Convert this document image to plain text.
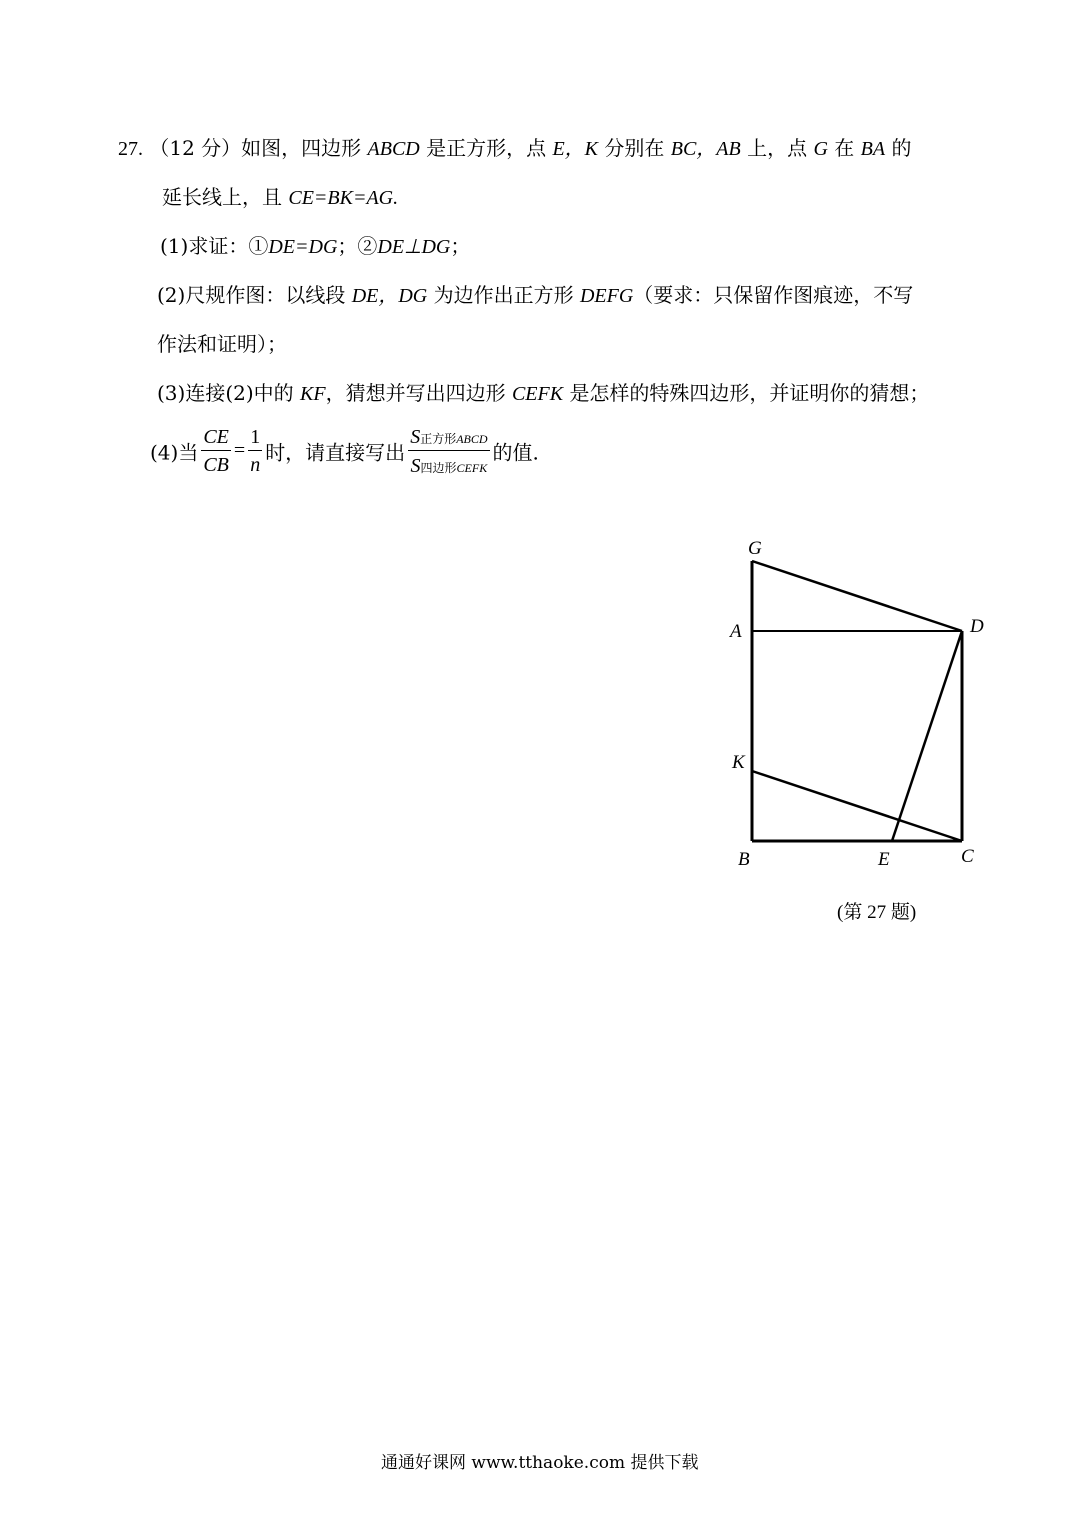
27. （12 分）如图，四边形 ABCD 是正方形，点 E，K 分别在 BC，AB 上，点 G 在 BA 的
延长线上，且 CE=BK=AG.
(1)求证：①DE=DG；②DE⊥DG；
(2)尺规作图：以线段 DE，DG 为边作出正方形 DEFG（要求：只保留作图痕迹，不写
作法和证明）；
(3)连接(2)中的 KF，猜想并写出四边形 CEFK 是怎样的特殊四边形，并证明你的猜想；
(4)当 $\frac{CE}{CB} = \frac{1}{n}$ 时，请直接写出 $\frac{\text{S正方形ABCD}}{\text{S四边形CEFK}}$ 的值.
G
A	D
K
B	E	C
(第 27 题)
通通好课网 www.tthaoke.com 提供下载
